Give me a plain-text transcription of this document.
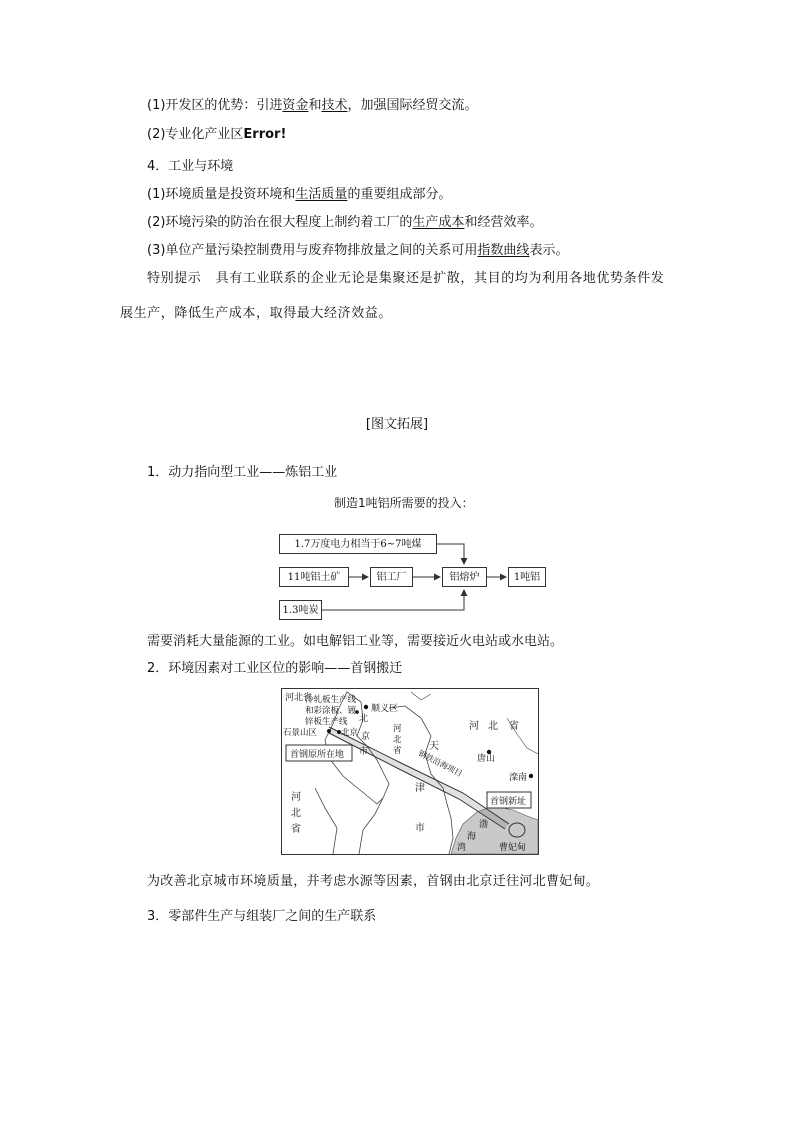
(1)开发区的优势：引进资金和技术，加强国际经贸交流。
(2)专业化产业区Error!
4．工业与环境
(1)环境质量是投资环境和生活质量的重要组成部分。
(2)环境污染的防治在很大程度上制约着工厂的生产成本和经营效率。
(3)单位产量污染控制费用与废弃物排放量之间的关系可用指数曲线表示。
特别提示 具有工业联系的企业无论是集聚还是扩散，其目的均为利用各地优势条件发
展生产，降低生产成本，取得最大经济效益。
[图文拓展]
1．动力指向型工业——炼铝工业
制造1吨铝所需要的投入：
1.7万度电力相当于6~7吨煤
11吨铝土矿	铝工厂	铝熔炉	1吨铝
1.3吨炭
需要消耗大量能源的工业。如电解铝工业等，需要接近火电站或水电站。
2．环境因素对工业区位的影响——首钢搬迁
河北省
冷轧板生产线
和彩涂板、镀
锌板生产线
顺义区
北京
石景山区
北
京
市
首钢原所在地
河
北
省	天
津
市
河 北 省
唐山
滦南
钢铁沿海项目
首钢新址
河
北
省	渤
海
湾	曹妃甸
为改善北京城市环境质量，并考虑水源等因素，首钢由北京迁往河北曹妃甸。
3．零部件生产与组装厂之间的生产联系
